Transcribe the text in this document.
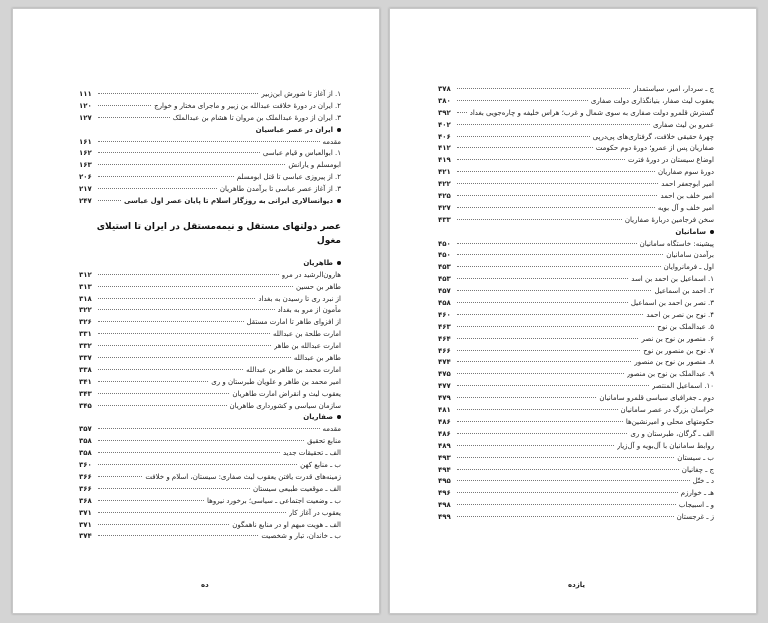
۱. از آغاز تا شورش ابن‌زبیر
۱۱۱
۲. ایران در دورهٔ خلافت عبدالله بن زبیر و ماجرای مختار و خوارج
۱۲۰
۳. ایران از دورهٔ عبدالملک بن مروان تا هشام بن عبدالملک
۱۲۷
ایران در عصر عباسیان
مقدمه
۱۶۱
۱. ابوالعباس و قیام عباسی
۱۶۲
ابومسلم و یارانش
۱۶۳
۲. از پیروزی عباسی تا قتل ابومسلم
۲۰۶
۳. از آغاز عصر عباسی تا برآمدن طاهریان
۲۱۷
دیوانسالاری ایرانی به روزگار اسلام تا پایان عصر اول عباسی
۲۴۷
عصر دولتهای مستقل و نیمه‌مستقل در ایران تا استیلای مغول
طاهریان
هارون‌الرشید در مرو
۳۱۲
طاهر بن حسین
۳۱۳
از نبرد ری تا رسیدن به بغداد
۳۱۸
مأمون از مرو به بغداد
۳۲۲
از افزوای طاهر تا امارت مستقل
۳۲۶
امارت طلحة بن عبدالله
۳۳۱
امارت عبدالله بن طاهر
۳۳۲
طاهر بن عبدالله
۳۳۷
امارت محمد بن طاهر بن عبدالله
۳۳۸
امیر محمد بن طاهر و علویان طبرستان و ری
۳۴۱
یعقوب لیث و انقراض امارت طاهریان
۳۴۳
سازمان سیاسی و کشورداری طاهریان
۳۴۵
صفاریان
مقدمه
۳۵۷
منابع تحقیق
۳۵۸
الف ـ تحقیقات جدید
۳۵۸
ب ـ منابع کهن
۳۶۰
زمینه‌های قدرت یافتن یعقوب لیث صفاری: سیستان، اسلام و خلافت
۳۶۶
الف ـ موقعیت طبیعی سیستان
۳۶۶
ب ـ وضعیت اجتماعی ـ سیاسی؛ برخورد نیروها
۳۶۸
یعقوب در آغاز کار
۳۷۱
الف ـ هویت مبهم او در منابع ناهمگون
۳۷۱
ب ـ خاندان، تبار و شخصیت
۳۷۴
ده
ج ـ سردار، امیر، سیاستمدار
۳۷۸
یعقوب لیث صفار، بنیانگذاری دولت صفاری
۳۸۰
گسترش قلمرو دولت صفاری به سوی شمال و غرب؛ هراس خلیفه و چاره‌جویی بغداد
۳۹۲
عمرو بن لیث صفاری
۴۰۲
چهرهٔ حقیقی خلافت، گرفتاری‌های پی‌درپی
۴۰۶
صفاریان پس از عمرو؛ دورهٔ دوم حکومت
۴۱۲
اوضاع سیستان در دورهٔ فترت
۴۱۹
دورهٔ سوم صفاریان
۴۲۱
امیر ابوجعفر احمد
۴۲۲
امیر خلف بن احمد
۴۲۵
امیر خلف و آل بویه
۴۲۷
سخن فرجامین دربارهٔ صفاریان
۴۳۳
سامانیان
پیشینه: خاستگاه سامانیان
۴۵۰
برآمدن سامانیان
۴۵۰
اول ـ فرمانروایان
۴۵۳
۱. اسماعیل بن احمد بن اسد
۴۵۳
۲. احمد بن اسماعیل
۴۵۷
۳. نصر بن احمد بن اسماعیل
۴۵۸
۴. نوح بن نصر بن احمد
۴۶۰
۵. عبدالملک بن نوح
۴۶۳
۶. منصور بن نوح بن نصر
۴۶۴
۷. نوح بن منصور بن نوح
۴۶۶
۸. منصور بن نوح بن منصور
۴۷۴
۹. عبدالملک بن نوح بن منصور
۴۷۵
۱۰. اسماعیل المنتصر
۴۷۷
دوم ـ جغرافیای سیاسی قلمرو سامانیان
۴۷۹
خراسان بزرگ در عصر سامانیان
۴۸۱
حکومتهای محلی و امیرنشین‌ها
۴۸۶
الف ـ گرگان، طبرستان و ری
۴۸۶
روابط سامانیان با آل‌بویه و آل‌زیار
۴۸۹
ب ـ سیستان
۴۹۳
ج ـ چغانیان
۴۹۴
د ـ ختّل
۴۹۵
هـ ـ خوارزم
۴۹۶
و ـ اسبیجاب
۴۹۸
ز ـ غرجستان
۴۹۹
یازده
